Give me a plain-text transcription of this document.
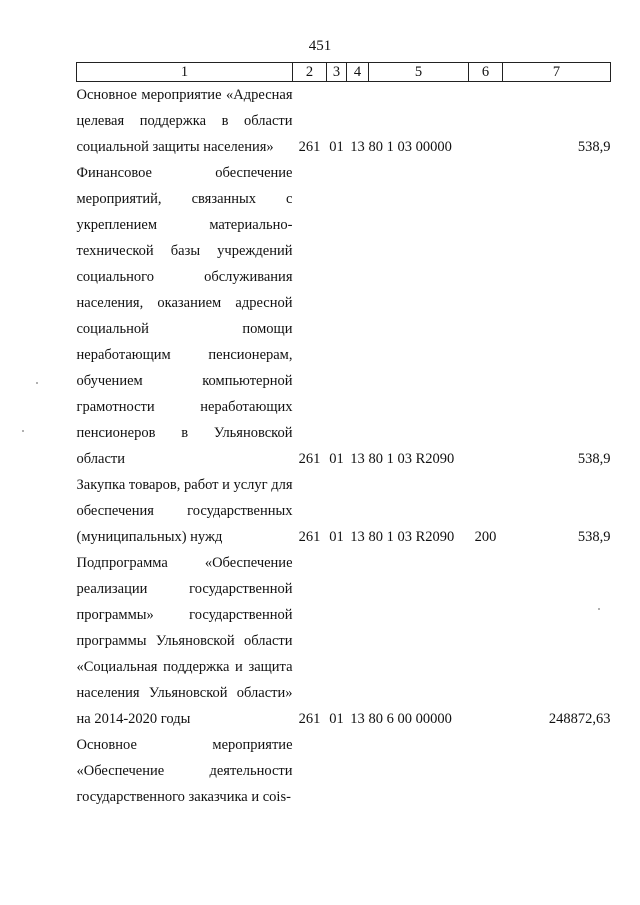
451
1	2	3	4	5	6	7
Основное мероприятие «Адресная целевая поддержка в области социальной защиты населения»	261	01	13	80 1 03 00000		538,9
Финансовое обеспечение мероприятий, связанных с укреплением материально-технической базы учреждений социального обслуживания населения, оказанием адресной социальной помощи неработающим пенсионерам, обучением компьютерной грамотности неработающих пенсионеров в Ульяновской области	261	01	13	80 1 03 R2090		538,9
Закупка товаров, работ и услуг для обеспечения государственных (муниципальных) нужд	261	01	13	80 1 03 R2090	200	538,9
Подпрограмма «Обеспечение реализации государственной программы» государственной программы Ульяновской области «Социальная поддержка и защита населения Ульяновской области» на 2014-2020 годы	261	01	13	80 6 00 00000		248872,63
Основное мероприятие «Обеспечение деятельности государственного заказчика и сois-						
